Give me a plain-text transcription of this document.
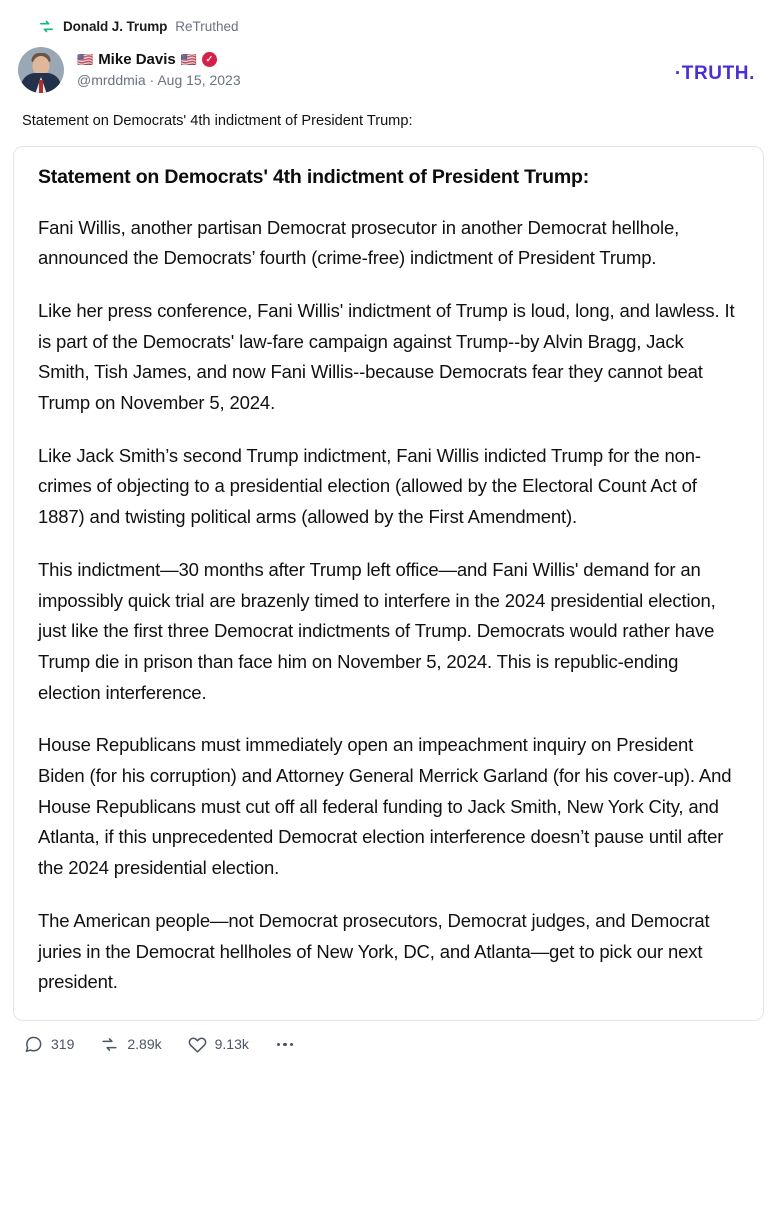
Donald J. Trump ReTruthed
🇺🇸 Mike Davis 🇺🇸 ✓
@mrddmia · Aug 15, 2023	·TRUTH.
Statement on Democrats' 4th indictment of President Trump:
Statement on Democrats' 4th indictment of President Trump:

Fani Willis, another partisan Democrat prosecutor in another Democrat hellhole, announced the Democrats’ fourth (crime-free) indictment of President Trump.

Like her press conference, Fani Willis' indictment of Trump is loud, long, and lawless. It is part of the Democrats' law-fare campaign against Trump--by Alvin Bragg, Jack Smith, Tish James, and now Fani Willis--because Democrats fear they cannot beat Trump on November 5, 2024.

Like Jack Smith’s second Trump indictment, Fani Willis indicted Trump for the non-crimes of objecting to a presidential election (allowed by the Electoral Count Act of 1887) and twisting political arms (allowed by the First Amendment).

This indictment—30 months after Trump left office—and Fani Willis' demand for an impossibly quick trial are brazenly timed to interfere in the 2024 presidential election, just like the first three Democrat indictments of Trump. Democrats would rather have Trump die in prison than face him on November 5, 2024. This is republic-ending election interference.

House Republicans must immediately open an impeachment inquiry on President Biden (for his corruption) and Attorney General Merrick Garland (for his cover-up). And House Republicans must cut off all federal funding to Jack Smith, New York City, and Atlanta, if this unprecedented Democrat election interference doesn’t pause until after the 2024 presidential election.

The American people—not Democrat prosecutors, Democrat judges, and Democrat juries in the Democrat hellholes of New York, DC, and Atlanta—get to pick our next president.

319	2.89k	9.13k
